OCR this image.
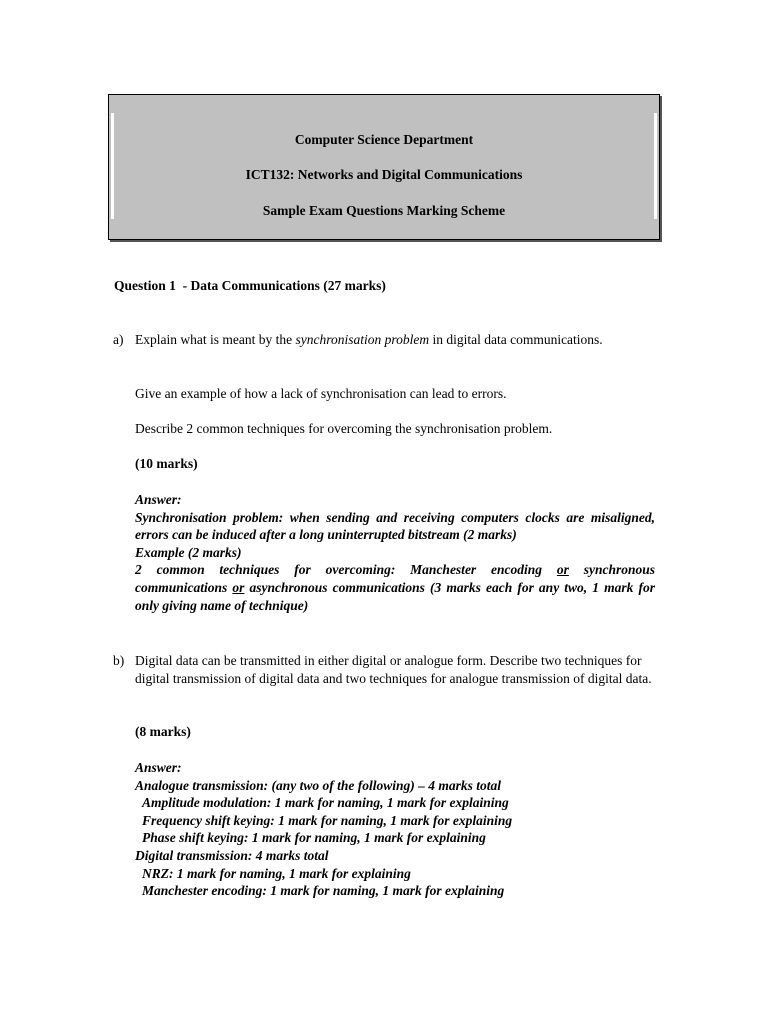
Computer Science Department
ICT132: Networks and Digital Communications
Sample Exam Questions Marking Scheme
Question 1  - Data Communications (27 marks)
a) Explain what is meant by the synchronisation problem in digital data communications.
Give an example of how a lack of synchronisation can lead to errors.
Describe 2 common techniques for overcoming the synchronisation problem.
(10 marks)
Answer:
Synchronisation problem: when sending and receiving computers clocks are misaligned, errors can be induced after a long uninterrupted bitstream (2 marks)
Example (2 marks)
2 common techniques for overcoming: Manchester encoding or synchronous communications or asynchronous communications (3 marks each for any two, 1 mark for only giving name of technique)
b) Digital data can be transmitted in either digital or analogue form. Describe two techniques for digital transmission of digital data and two techniques for analogue transmission of digital data.
(8 marks)
Answer:
Analogue transmission: (any two of the following) – 4 marks total
Amplitude modulation: 1 mark for naming, 1 mark for explaining
Frequency shift keying: 1 mark for naming, 1 mark for explaining
Phase shift keying: 1 mark for naming, 1 mark for explaining
Digital transmission: 4 marks total
NRZ: 1 mark for naming, 1 mark for explaining
Manchester encoding: 1 mark for naming, 1 mark for explaining
